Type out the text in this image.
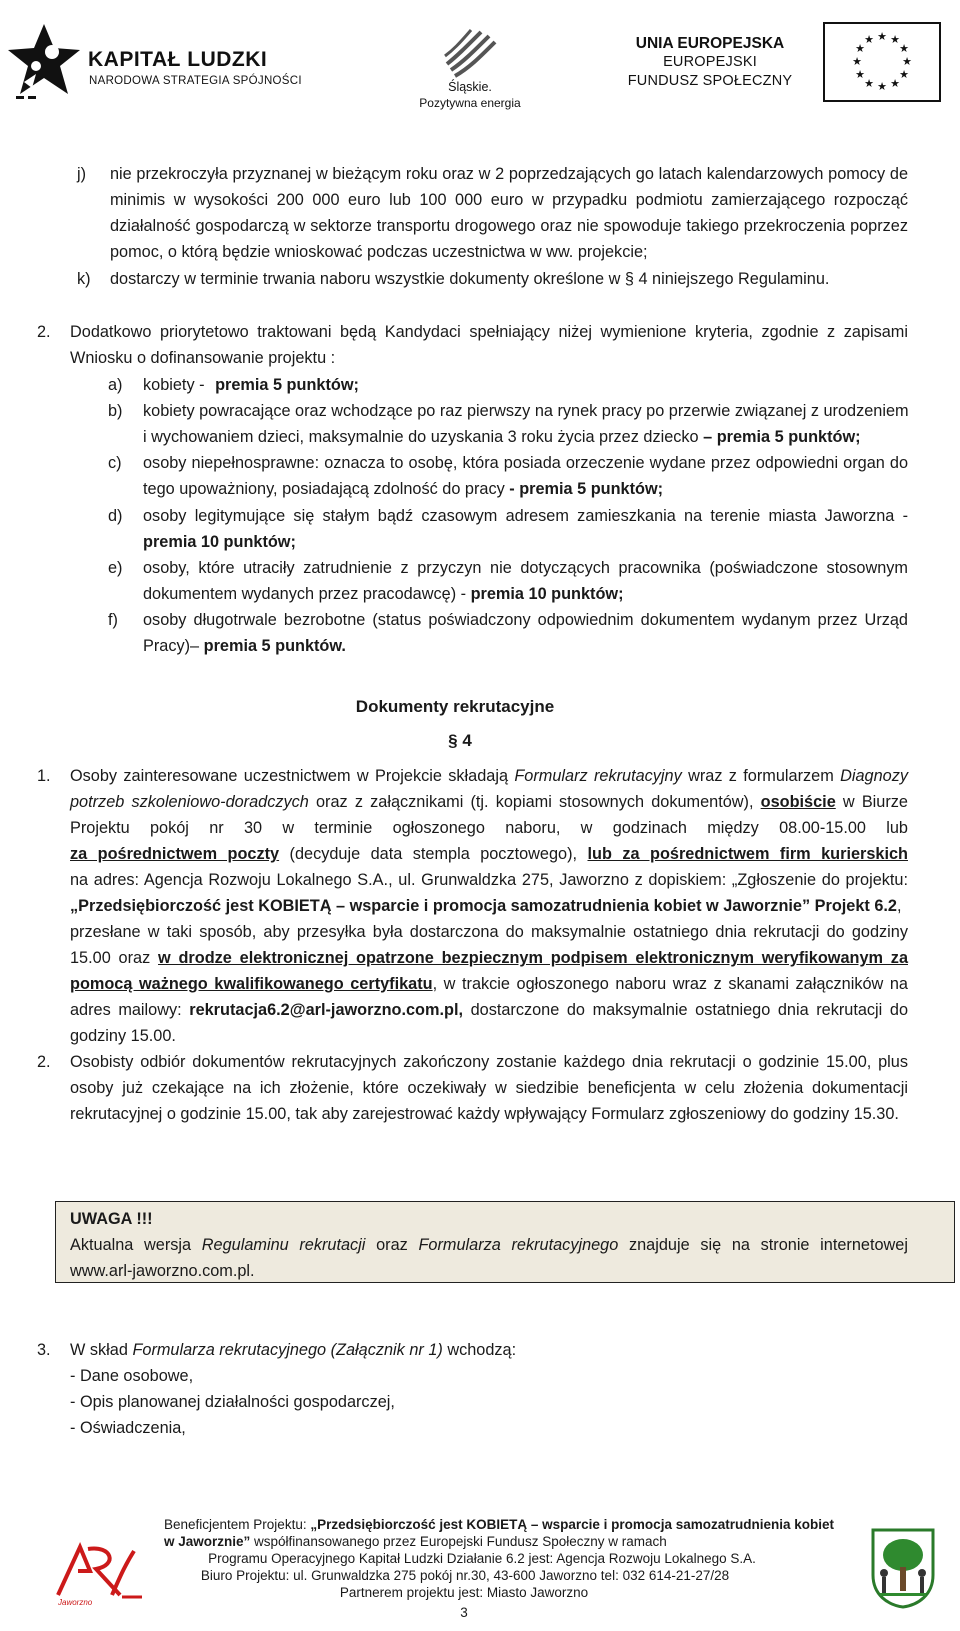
KAPITAŁ LUDZKI
NARODOWA STRATEGIA SPÓJNOŚCI	Śląskie.
Pozytywna energia
UNIA EUROPEJSKA
EUROPEJSKI
FUNDUSZ SPOŁECZNY
★ ★
★
★
★
★
★
★
★
★
★
★
j) nie przekroczyła przyznanej w bieżącym roku oraz w 2 poprzedzających go latach kalendarzowych pomocy de
minimis w wysokości 200 000 euro lub 100 000 euro w przypadku podmiotu zamierzającego rozpocząć
działalność gospodarczą w sektorze transportu drogowego oraz nie spowoduje takiego przekroczenia poprzez
pomoc, o którą będzie wnioskować podczas uczestnictwa w ww. projekcie;
k) dostarczy w terminie trwania naboru wszystkie dokumenty określone w § 4 niniejszego Regulaminu.
2. Dodatkowo priorytetowo traktowani będą Kandydaci spełniający niżej wymienione kryteria, zgodnie z zapisami
Wniosku o dofinansowanie projektu :
a) kobiety - premia 5 punktów;
b) kobiety powracające oraz wchodzące po raz pierwszy na rynek pracy po przerwie związanej z urodzeniem
i wychowaniem dzieci, maksymalnie do uzyskania 3 roku życia przez dziecko – premia 5 punktów;
c) osoby niepełnosprawne: oznacza to osobę, która posiada orzeczenie wydane przez odpowiedni organ do
tego upoważniony, posiadającą zdolność do pracy - premia 5 punktów;
d) osoby legitymujące się stałym bądź czasowym adresem zamieszkania na terenie miasta Jaworzna -
premia 10 punktów;
e) osoby, które utraciły zatrudnienie z przyczyn nie dotyczących pracownika (poświadczone stosownym
dokumentem wydanych przez pracodawcę) - premia 10 punktów;
f) osoby długotrwale bezrobotne (status poświadczony odpowiednim dokumentem wydanym przez Urząd
Pracy)– premia 5 punktów.
Dokumenty rekrutacyjne
§ 4
1. Osoby zainteresowane uczestnictwem w Projekcie składają Formularz rekrutacyjny wraz z formularzem Diagnozy
potrzeb szkoleniowo-doradczych oraz z załącznikami (tj. kopiami stosownych dokumentów), osobiście w Biurze
Projektu pokój nr 30 w terminie ogłoszonego naboru, w godzinach między 08.00-15.00 lub
za pośrednictwem poczty (decyduje data stempla pocztowego), lub za pośrednictwem firm kurierskich
na adres: Agencja Rozwoju Lokalnego S.A., ul. Grunwaldzka 275, Jaworzno z dopiskiem: „Zgłoszenie do projektu:
„Przedsiębiorczość jest KOBIETĄ – wsparcie i promocja samozatrudnienia kobiet w Jaworznie” Projekt 6.2,
przesłane w taki sposób, aby przesyłka była dostarczona do maksymalnie ostatniego dnia rekrutacji do godziny
15.00 oraz w drodze elektronicznej opatrzone bezpiecznym podpisem elektronicznym weryfikowanym za
pomocą ważnego kwalifikowanego certyfikatu, w trakcie ogłoszonego naboru wraz z skanami załączników na
adres mailowy: rekrutacja6.2@arl-jaworzno.com.pl, dostarczone do maksymalnie ostatniego dnia rekrutacji do
godziny 15.00.
2. Osobisty odbiór dokumentów rekrutacyjnych zakończony zostanie każdego dnia rekrutacji o godzinie 15.00, plus
osoby już czekające na ich złożenie, które oczekiwały w siedzibie beneficjenta w celu złożenia dokumentacji
rekrutacyjnej o godzinie 15.00, tak aby zarejestrować każdy wpływający Formularz zgłoszeniowy do godziny 15.30.
UWAGA !!!
Aktualna wersja Regulaminu rekrutacji oraz Formularza rekrutacyjnego znajduje się na stronie internetowej
www.arl-jaworzno.com.pl.
3. W skład Formularza rekrutacyjnego (Załącznik nr 1) wchodzą:
- Dane osobowe,
- Opis planowanej działalności gospodarczej,
- Oświadczenia,
Jaworzno
Beneficjentem Projektu: „Przedsiębiorczość jest KOBIETĄ – wsparcie i promocja samozatrudnienia kobiet
w Jaworznie” współfinansowanego przez Europejski Fundusz Społeczny w ramach
Programu Operacyjnego Kapitał Ludzki Działanie 6.2 jest: Agencja Rozwoju Lokalnego S.A.
Biuro Projektu: ul. Grunwaldzka 275 pokój nr.30, 43-600 Jaworzno tel: 032 614-21-27/28
Partnerem projektu jest: Miasto Jaworzno
3
